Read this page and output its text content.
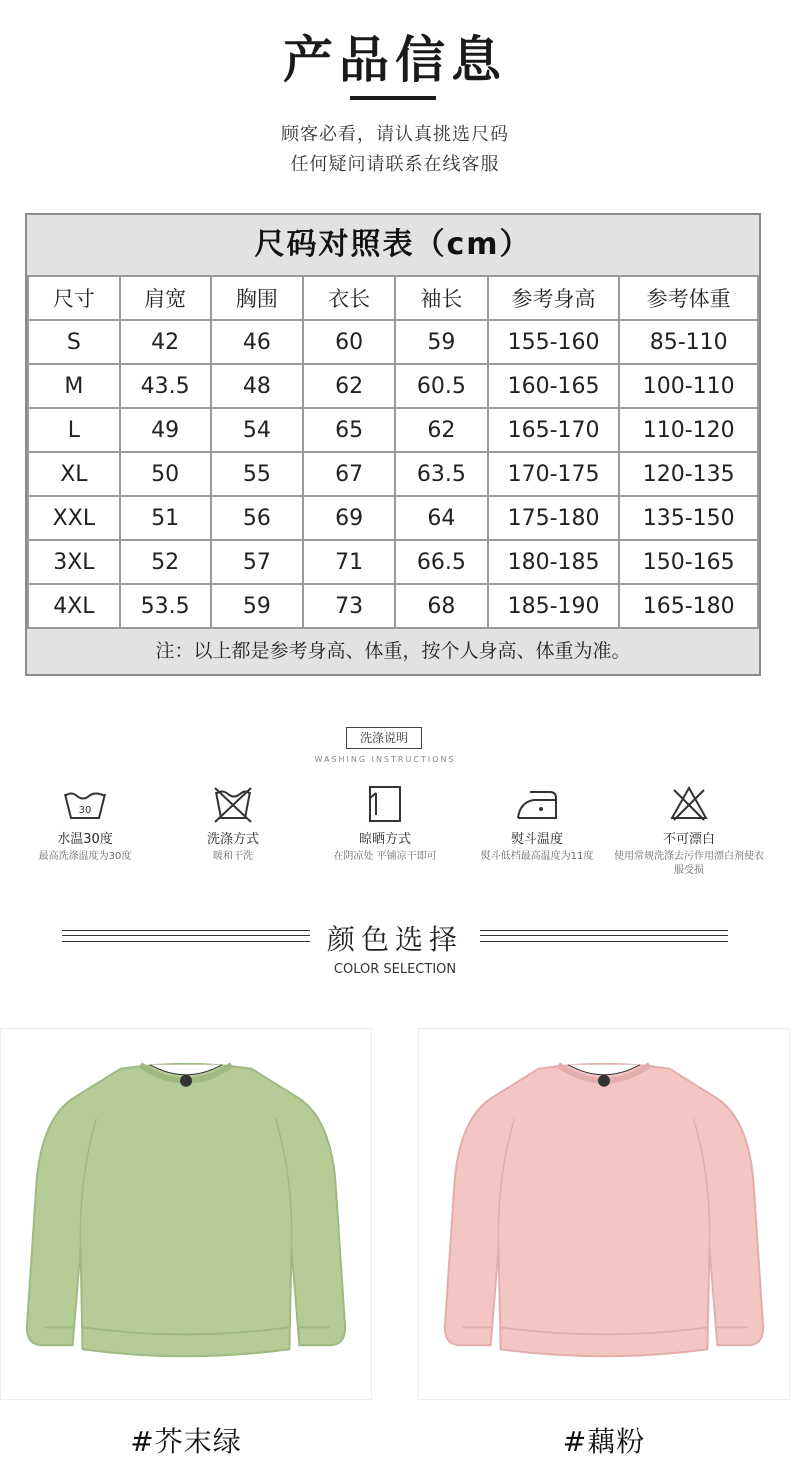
产品信息
顾客必看，请认真挑选尺码
任何疑问请联系在线客服
尺码对照表（cm）
尺寸	肩宽	胸围	衣长	袖长	参考身高	参考体重
S	42	46	60	59	155-160	85-110
M	43.5	48	62	60.5	160-165	100-110
L	49	54	65	62	165-170	110-120
XL	50	55	67	63.5	170-175	120-135
XXL	51	56	69	64	175-180	135-150
3XL	52	57	71	66.5	180-185	150-165
4XL	53.5	59	73	68	185-190	165-180
注：以上都是参考身高、体重，按个人身高、体重为准。
洗涤说明
WASHING INSTRUCTIONS
30
水温30度
最高洗涤温度为30度
洗涤方式
暖和干洗
晾晒方式
在阴凉处 平铺凉干即可
熨斗温度
熨斗低档最高温度为11度
不可漂白
使用常规洗涤去污作用漂白剂使衣服受损
颜色选择
COLOR SELECTION
#芥末绿	#藕粉
